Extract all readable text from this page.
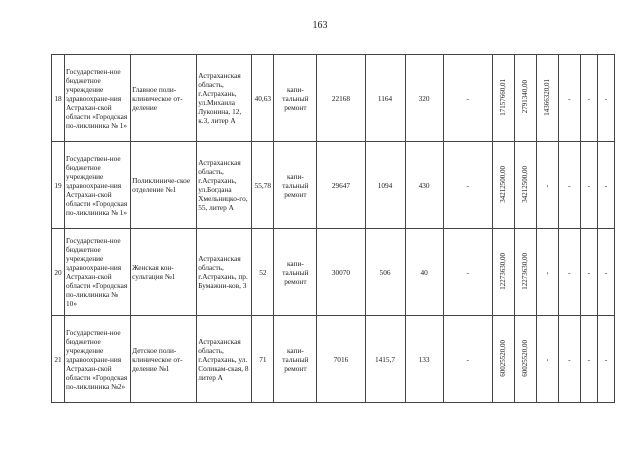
163
18	Государствен-ное бюджетное учреждение здравоохране-ния Астрахан-ской области «Городская по-ликлиника № 1»	Главное поли-клиническое от-деление	Астраханская область, г.Астрахань, ул.Михаила Луконина, 12, к.3, литер А	40,63	капи-тальный ремонт	22168	1164	320	-	17157660,01	2791340,00	14366320,01	-	-	-
19	Государствен-ное бюджетное учреждение здравоохране-ния Астрахан-ской области «Городская по-ликлиника № 1»	Поликлиниче-ское отделение №1	Астраханская область, г.Астрахань, ул.Богдана Хмельницко-го, 55, литер А	55,78	капи-тальный ремонт	29647	1094	430	-	34212500,00	34212500,00	-	-	-	-
20	Государствен-ное бюджетное учреждение здравоохране-ния Астрахан-ской области «Городская по-ликлиника № 10»	Женская кон-сультация №1	Астраханская область, г.Астрахань, пр. Бумажни-ков, 3	52	капи-тальный ремонт	30070	506	40	-	12273630,00	12273630,00	-	-	-	-
21	Государствен-ное бюджетное учреждение здравоохране-ния Астрахан-ской области «Городская по-ликлиника №2»	Детское поли-клиническое от-деление №1	Астраханская область, г.Астрахань, ул. Соликам-ская, 8 литер А	71	капи-тальный ремонт	7016	1415,7	133	-	60025520,00	60025520,00	-	-	-	-
